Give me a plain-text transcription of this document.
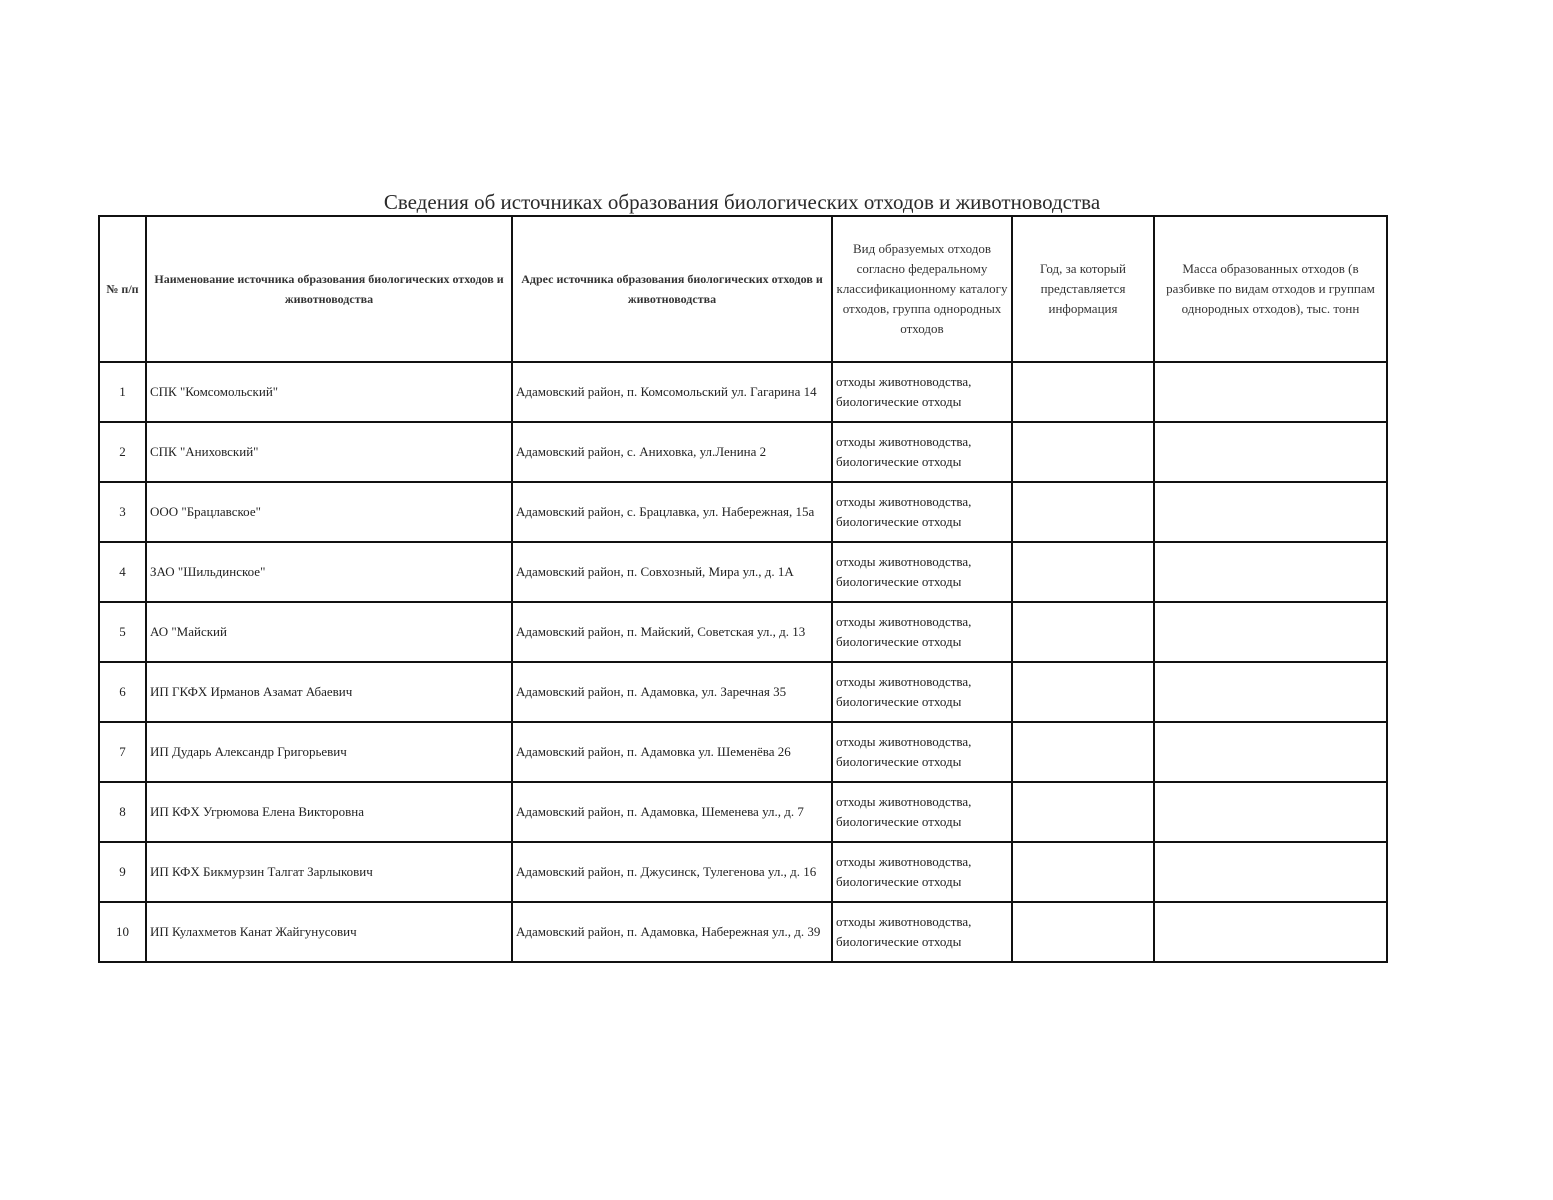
Сведения об источниках образования биологических отходов и животноводства
№ п/п	Наименование источника образования биологических отходов и животноводства	Адрес источника образования биологических отходов и животноводства	Вид образуемых отходов согласно федеральному классификационному каталогу отходов, группа однородных отходов	Год, за который представляется информация	Масса образованных отходов (в разбивке по видам отходов и группам однородных отходов), тыс. тонн
1	СПК "Комсомольский"	Адамовский район, п. Комсомольский ул. Гагарина 14	отходы животноводства, биологические отходы		
2	СПК "Аниховский"	Адамовский район, с. Аниховка, ул.Ленина 2	отходы животноводства, биологические отходы		
3	ООО "Брацлавское"	Адамовский район, с. Брацлавка, ул. Набережная, 15а	отходы животноводства, биологические отходы		
4	ЗАО "Шильдинское"	Адамовский район, п. Совхозный, Мира ул., д. 1А	отходы животноводства, биологические отходы		
5	АО "Майский	Адамовский район, п. Майский, Советская ул., д. 13	отходы животноводства, биологические отходы		
6	ИП ГКФХ Ирманов Азамат Абаевич	Адамовский район, п. Адамовка, ул. Заречная 35	отходы животноводства, биологические отходы		
7	ИП Дударь Александр Григорьевич	Адамовский район, п. Адамовка ул. Шеменёва 26	отходы животноводства, биологические отходы		
8	ИП КФХ Угрюмова Елена Викторовна	Адамовский район, п. Адамовка, Шеменева ул., д. 7	отходы животноводства, биологические отходы		
9	ИП КФХ Бикмурзин Талгат Зарлыкович	Адамовский район, п. Джусинск, Тулегенова ул., д. 16	отходы животноводства, биологические отходы		
10	ИП Кулахметов Канат Жайгунусович	Адамовский район, п. Адамовка, Набережная ул., д. 39	отходы животноводства, биологические отходы		
